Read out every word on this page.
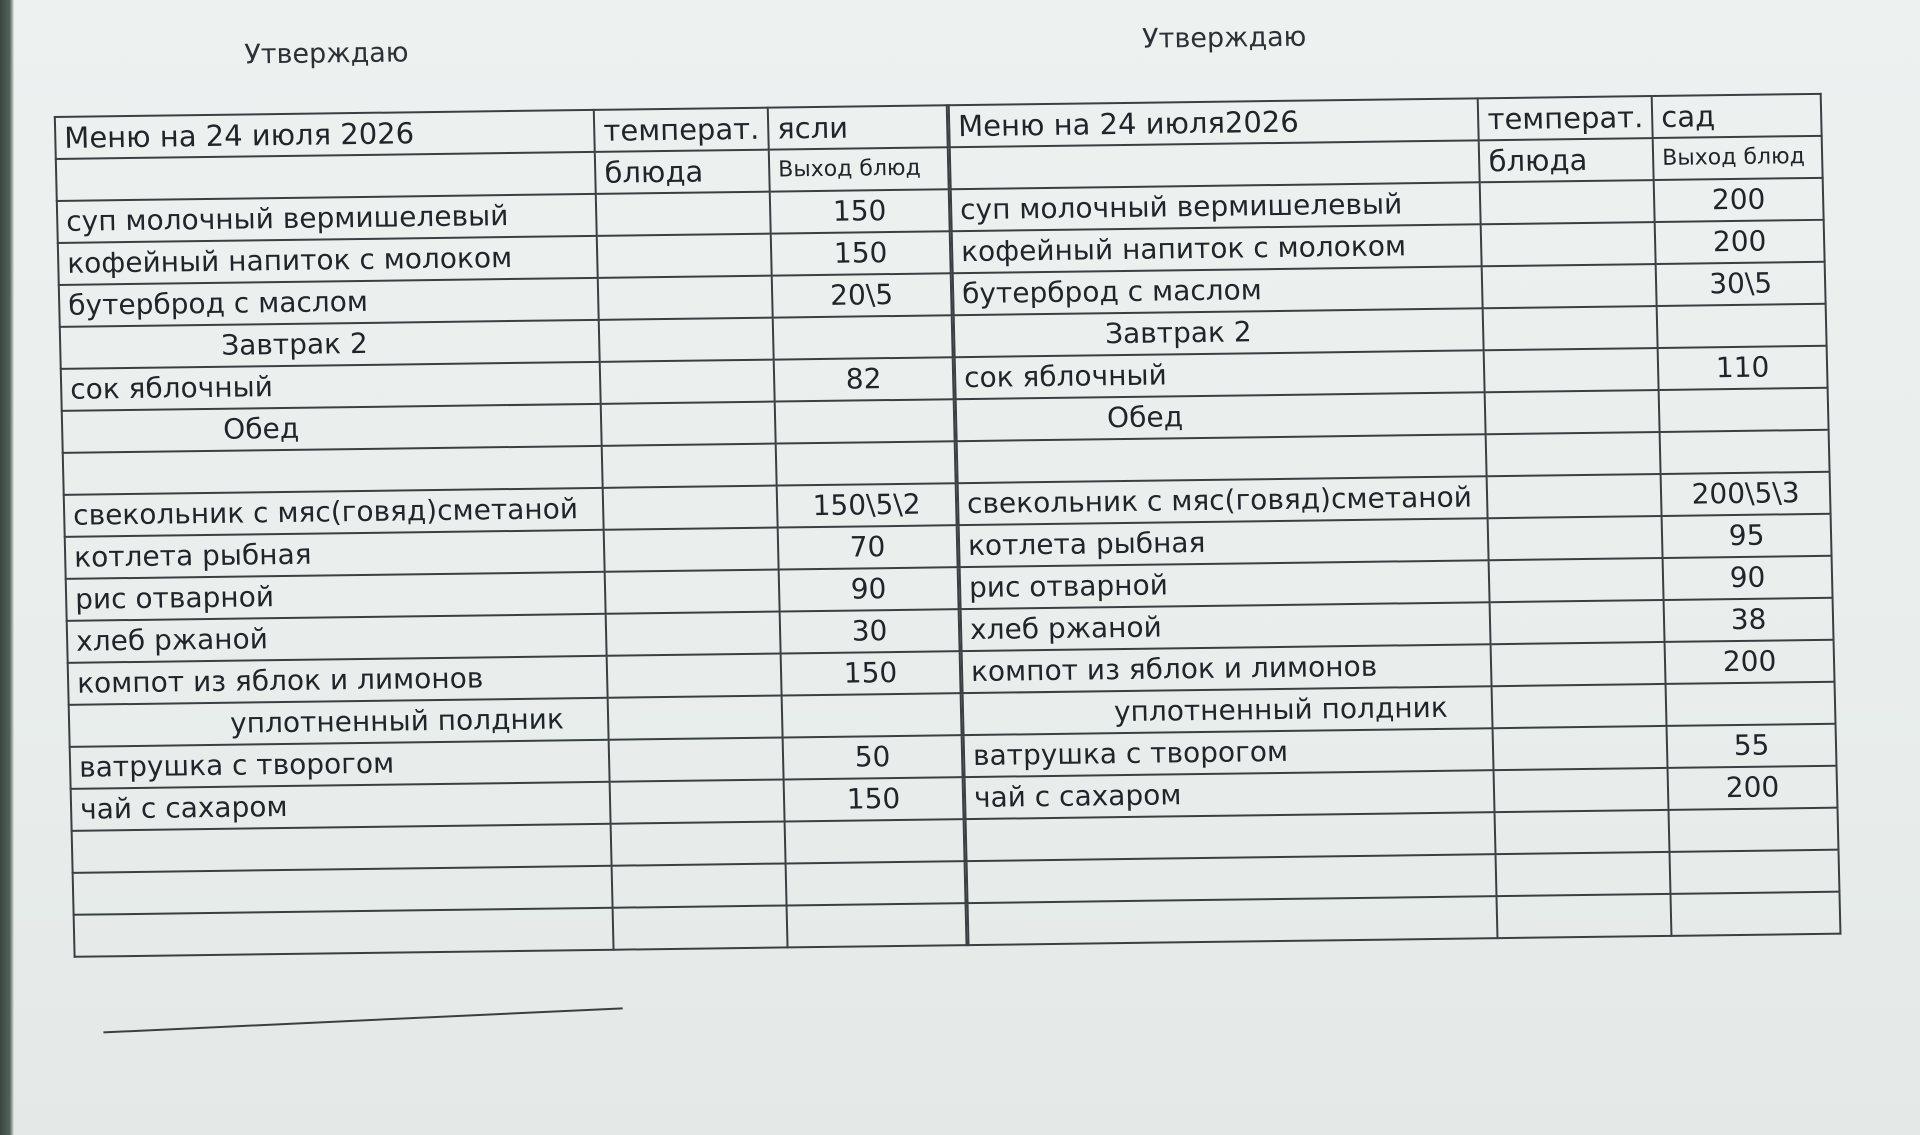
Утверждаю	Утверждаю
Меню на 24 июля 2026	температ.	ясли
	блюда	Выход блюд
суп молочный вермишелевый		150
кофейный напиток с молоком		150
бутерброд с маслом		20\5
Завтрак 2		
сок яблочный		82
Обед		

свекольник с мяс(говяд)сметаной		150\5\2
котлета рыбная		70
рис отварной		90
хлеб ржаной		30
компот из яблок и лимонов		150
уплотненный полдник		
ватрушка с творогом		50
чай с сахаром		150

Меню на 24 июля2026	температ.	сад
	блюда	Выход блюд
суп молочный вермишелевый		200
кофейный напиток с молоком		200
бутерброд с маслом		30\5
Завтрак 2		
сок яблочный		110
Обед		

свекольник с мяс(говяд)сметаной		200\5\3
котлета рыбная		95
рис отварной		90
хлеб ржаной		38
компот из яблок и лимонов		200
уплотненный полдник		
ватрушка с творогом		55
чай с сахаром		200
